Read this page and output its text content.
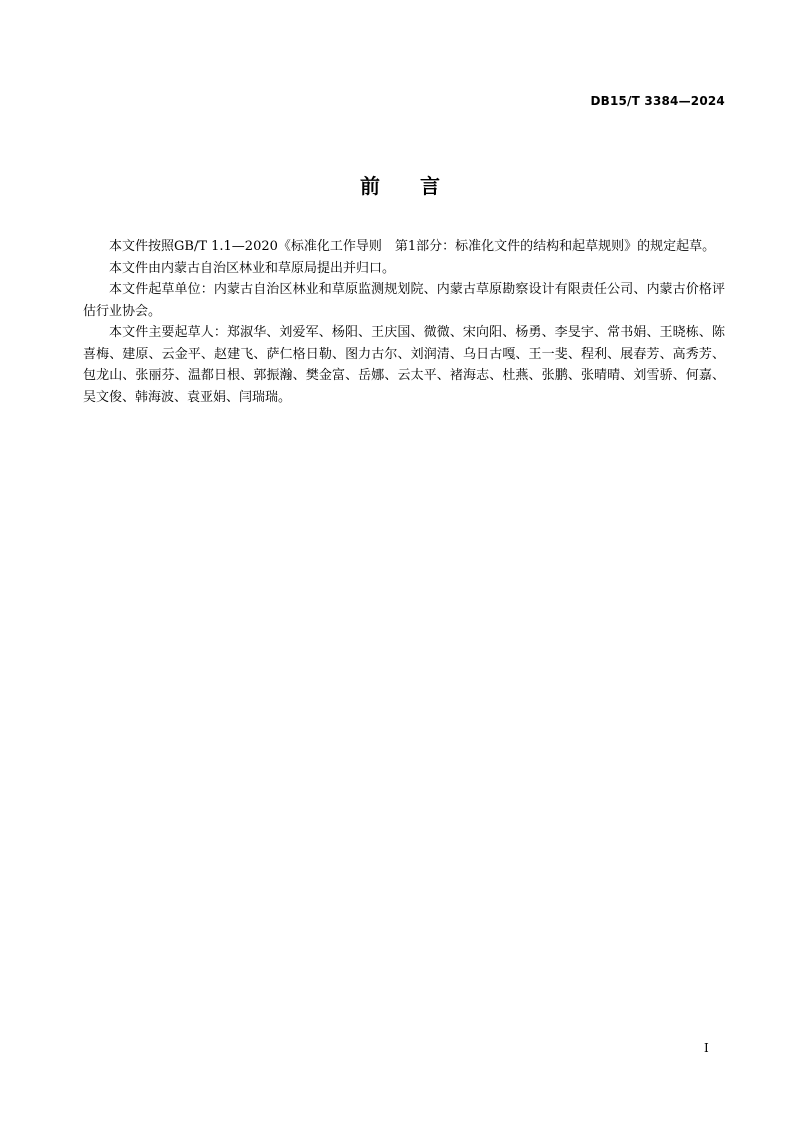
DB15/T 3384—2024
前言

本文件按照GB/T 1.1—2020《标准化工作导则　第1部分：标准化文件的结构和起草规则》的规定起草。

本文件由内蒙古自治区林业和草原局提出并归口。

本文件起草单位：内蒙古自治区林业和草原监测规划院、内蒙古草原勘察设计有限责任公司、内蒙古价格评估行业协会。

本文件主要起草人：郑淑华、刘爱军、杨阳、王庆国、微微、宋向阳、杨勇、李旻宇、常书娟、王晓栋、陈喜梅、建原、云金平、赵建飞、萨仁格日勒、图力古尔、刘润清、乌日古嘎、王一斐、程利、展春芳、高秀芳、包龙山、张丽芬、温都日根、郭振瀚、樊金富、岳娜、云太平、褚海志、杜燕、张鹏、张晴晴、刘雪骄、何嘉、吴文俊、韩海波、袁亚娟、闫瑞瑞。

I
